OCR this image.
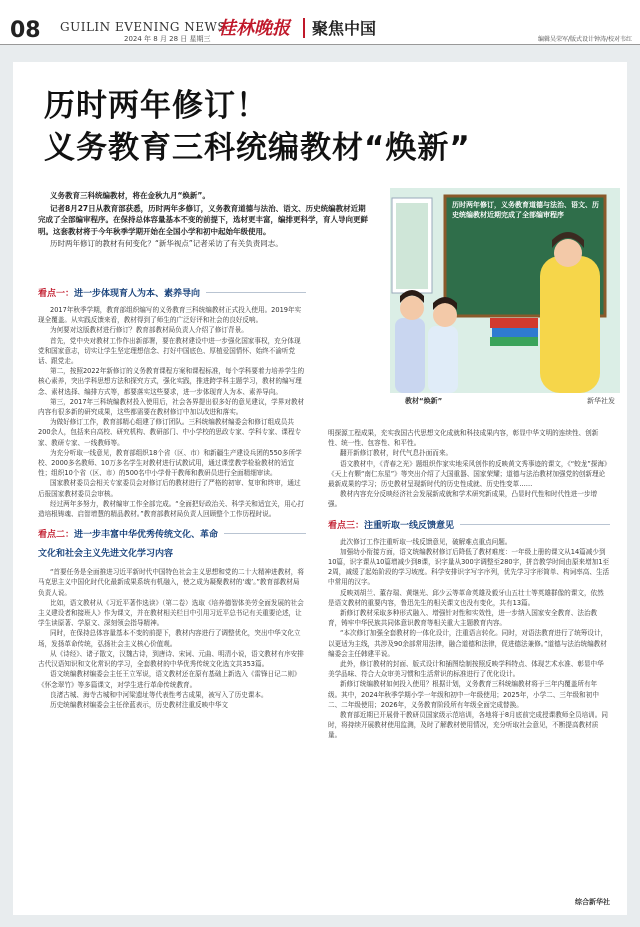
08 GUILIN EVENING NEWS
2024 年 8 月 28 日 星期三 桂林晚报 聚焦中国
编辑吴荣军/版式设计钟涛/校对韦红
历时两年修订！
义务教育三科统编教材“焕新”

义务教育三科统编教材，将在金秋九月“焕新”。

记者8月27日从教育部获悉，历时两年多修订，义务教育道德与法治、语文、历史统编教材近期完成了全部编审程序。在保持总体容量基本不变的前提下，选材更丰富，编排更科学，育人导向更鲜明。这套教材将于今年秋季学期开始在全国小学和初中起始年级使用。

历时两年修订的教材有何变化？“新华视点”记者采访了有关负责同志。

历时两年修订，义务教育道德与法治、语文、历史统编教材近期完成了全部编审程序
教材“焕新”	新华社发
看点一： 进一步体现育人为本、素养导向

2017年秋季学期，教育部组织编写的义务教育三科统编教材正式投入使用。2019年实现全覆盖。从实践反馈来看，教材得到了师生的广泛好评和社会的良好反响。

为何要对这版教材进行修订？教育部教材局负责人介绍了修订背景。

首先，党中央对教材工作作出新部署，要在教材建设中进一步强化国家事权，充分体现党和国家意志，切实让学生坚定理想信念、打好中国底色、厚植爱国情怀、始终不渝听党话、跟党走。

第二，按照2022年新修订的义务教育课程方案和课程标准，每个学科要着力培养学生的核心素养，突出学科思想方法和探究方式，强化实践，推进跨学科主题学习，教材的编写理念、素材选择、编排方式等，都要落实这些要求，进一步体现育人为本、素养导向。

第三，2017年三科统编教材投入使用后，社会各界提出很多好的意见建议，学界对教材内容有很多新的研究成果，这些都需要在教材修订中加以改进和落实。

为做好修订工作，教育部精心组建了修订团队。三科统编教材编委会和修订组成员共200余人，包括来自高校、研究机构、教研部门、中小学校的思政专家、学科专家、课程专家、教研专家、一线教师等。

为充分听取一线意见，教育部组织18个省（区、市）和新疆生产建设兵团的550多所学校、2000多名教师、10万多名学生对教材进行试教试用，通过课堂教学检验教材的适宜性；组织10个省（区、市）的500名中小学骨干教师和教研员进行全面精细审读。

国家教材委员会相关专家委员会对修订后的教材进行了严格的初审、复审和终审，通过后报国家教材委员会审核。

经过两年多努力，教材编审工作全部完成。“全面把好政治关、科学关和适宜关，用心打造培根铸魂、启智增慧的精品教材。”教育部教材局负责人回顾整个工作历程时说。

看点二： 进一步丰富中华优秀传统文化、革命
文化和社会主义先进文化学习内容

“首要任务是全面推进习近平新时代中国特色社会主义思想和党的二十大精神进教材，将马克思主义中国化时代化最新成果系统有机融入，使之成为凝聚教材的‘魂’。”教育部教材局负责人说。

比如，语文教材从《习近平著作选读》（第二卷）选取《培养德智体美劳全面发展的社会主义建设者和接班人》作为课文，并在教材相关栏目中引用习近平总书记有关重要论述，让学生读原著、学原文、深刻领会指导精神。

同时，在保持总体容量基本不变的前提下，教材内容进行了调整优化，突出中华文化立场，发扬革命传统，弘扬社会主义核心价值观。

从《诗经》、诸子散文，汉魏古诗，到唐诗、宋词、元曲、明清小说，语文教材有序安排古代汉语知识和文化常识的学习，全套教材的中华优秀传统文化选文共353篇。

语文统编教材编委会主任王立军说，语文教材还在原有基础上新选入《雷锋日记二则》《怀念翠竹》等多篇课文，对学生进行革命传统教育。

良渚古城、海寺古城和中河梁遗址等代表性考古成果，被写入了历史课本。

历史统编教材编委会主任徐蓝表示，历史教材注重反映中华文

明探源工程成果，充实我国古代思想文化成就和科技成果内容，彰显中华文明的连续性、创新性、统一性、包容性、和平性。

翻开新修订教材，时代气息扑面而来。

语文教材中，《青春之光》题组织作家实地采风创作的反映黄文秀事迹的课文，《“蛟龙”探海》《天上有颗“南仁东星”》等突出介绍了大国重器、国家荣耀；道德与法治教材加强党的创新理论最新成果的学习；历史教材呈现新时代的历史性成就、历史性变革……

教材内容充分反映经济社会发展新成就和学术研究新成果，凸显时代性和时代性进一步增强。

看点三： 注重听取一线反馈意见

此次修订工作注重听取一线反馈意见，破解难点重点问题。

加强幼小衔接方面，语文统编教材修订后降低了教材难度：一年级上册的课文从14篇减少到10篇，识字课从10篇增减少到8课，识字量从300字调整至280字，拼音教学时间由原来增加1至2周，减缓了起始阶段的学习坡度。科学安排识字写字序列，优先学习字形简单、构词率高、生活中常用的汉字。

反映刘胡兰、董存瑞、黄继光、邱少云等革命英雄及毅牙山五壮士等英雄群像的课文，依然是语文教材的重要内容，鲁迅先生的相关课文也没有变化，共有13篇。

新修订教材采取多种形式融入、增强针对性和实效性，进一步纳入国家安全教育、法治教育，铸牢中华民族共同体意识教育等相关重大主题教育内容。

“本次修订加强全套教材的一体化设计，注重语言转化。同时，对语法教育进行了统筹设计，以更适为主线，共涉及90余部常用法律，融合道德和法律，促进德法兼修。”道德与法治统编教材编委会主任韩建平说。

此外，修订教材的封面、版式设计和插图绘制按照反映学科特点、体现艺术水准、彰显中华美学品味、符合大众审美习惯和生活常识的标准进行了优化设计。

新修订统编教材如何投入使用？根据计划，义务教育三科统编教材将于三年内覆盖所有年级。其中，2024年秋季学期小学一年级和初中一年级使用；2025年，小学二、三年级和初中二、二年级使用；2026年，义务教育阶段所有年级全面完成替换。

教育部近期已开展骨干教研员国家级示范培训，各地将于8月底前完成授课教师全员培训。同时，将持续开展教材使用监测，及时了解教材使用情况，充分听取社会意见，不断提高教材质量。

综合新华社
